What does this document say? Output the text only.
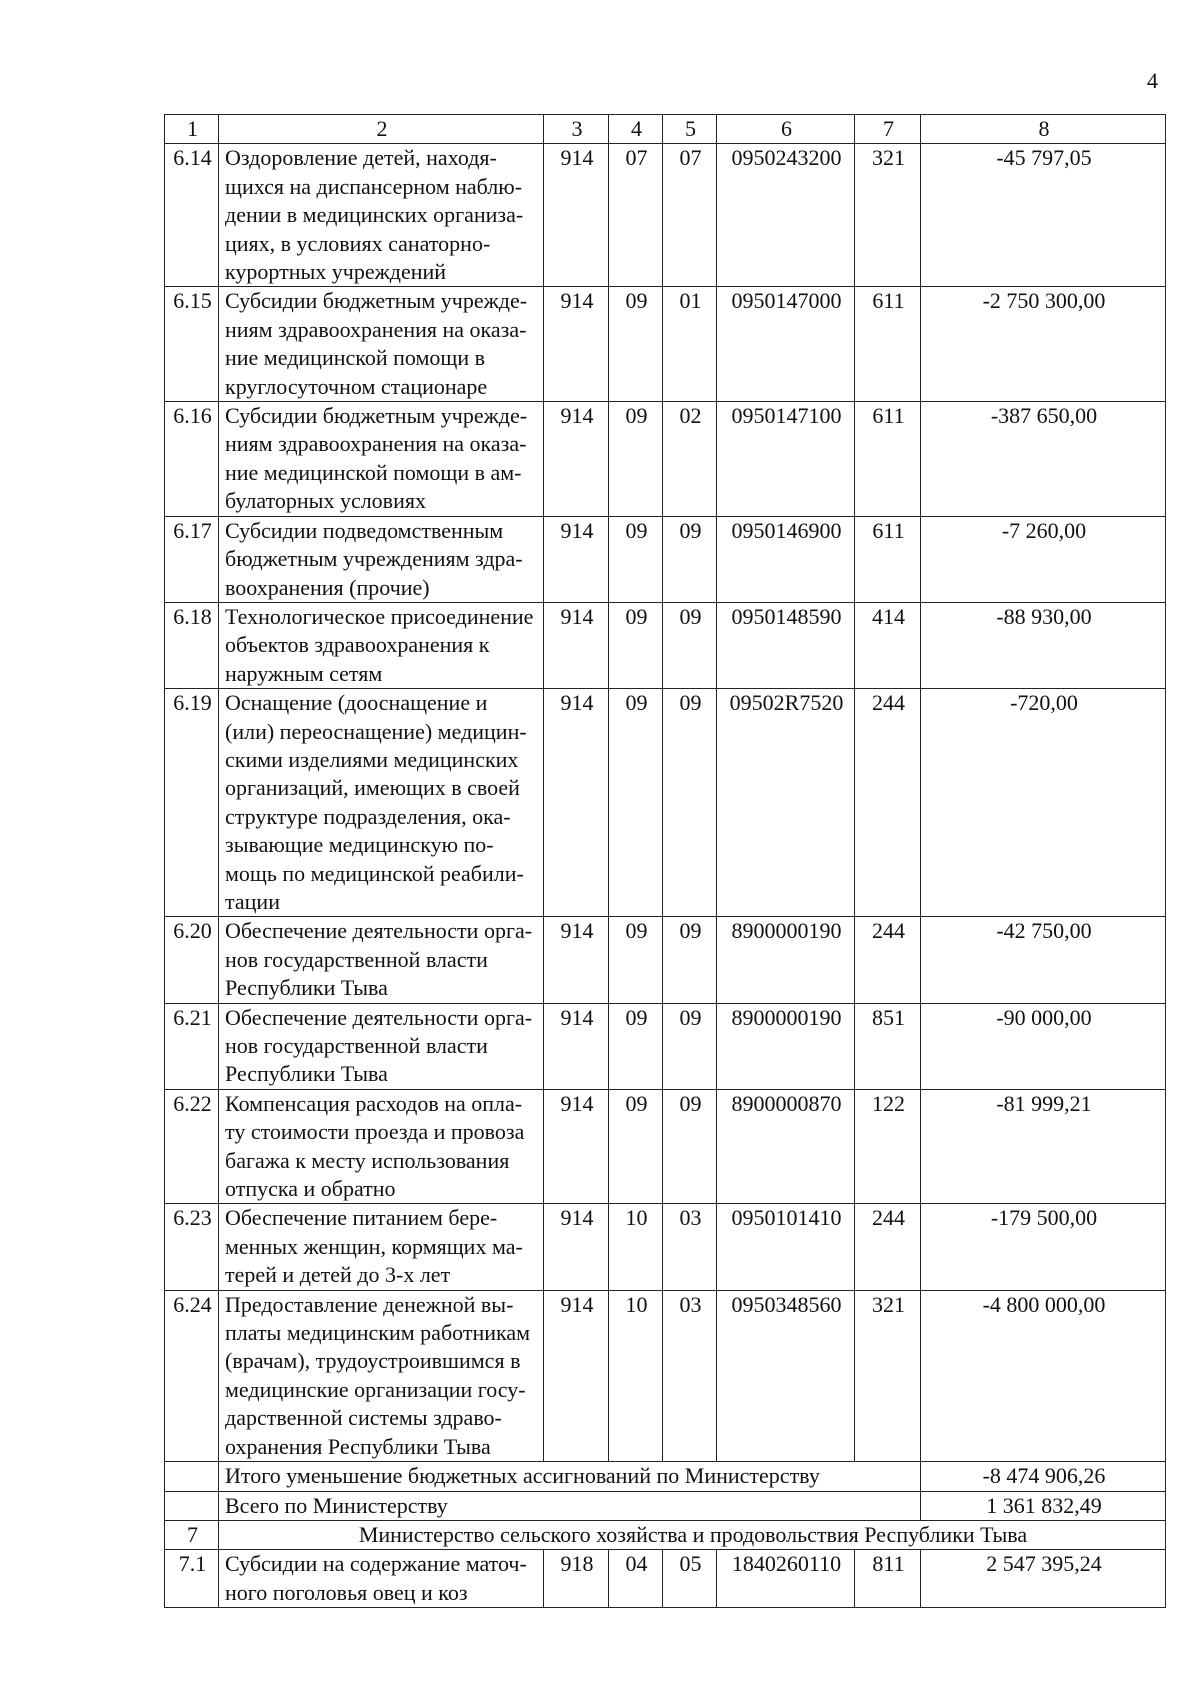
4
1	2	3	4	5	6	7	8
6.14	Оздоровление детей, находя-щихся на диспансерном наблю-дении в медицинских организа-циях, в условиях санаторно-курортных учреждений	914	07	07	0950243200	321	-45 797,05
6.15	Субсидии бюджетным учрежде-ниям здравоохранения на оказа-ние медицинской помощи в круглосуточном стационаре	914	09	01	0950147000	611	-2 750 300,00
6.16	Субсидии бюджетным учрежде-ниям здравоохранения на оказа-ние медицинской помощи в ам-булаторных условиях	914	09	02	0950147100	611	-387 650,00
6.17	Субсидии подведомственным бюджетным учреждениям здра-воохранения (прочие)	914	09	09	0950146900	611	-7 260,00
6.18	Технологическое присоединение объектов здравоохранения к наружным сетям	914	09	09	0950148590	414	-88 930,00
6.19	Оснащение (дооснащение и (или) переоснащение) медицин-скими изделиями медицинских организаций, имеющих в своей структуре подразделения, ока-зывающие медицинскую по-мощь по медицинской реабили-тации	914	09	09	09502R7520	244	-720,00
6.20	Обеспечение деятельности орга-нов государственной власти Республики Тыва	914	09	09	8900000190	244	-42 750,00
6.21	Обеспечение деятельности орга-нов государственной власти Республики Тыва	914	09	09	8900000190	851	-90 000,00
6.22	Компенсация расходов на опла-ту стоимости проезда и провоза багажа к месту использования отпуска и обратно	914	09	09	8900000870	122	-81 999,21
6.23	Обеспечение питанием бере-менных женщин, кормящих ма-терей и детей до 3-х лет	914	10	03	0950101410	244	-179 500,00
6.24	Предоставление денежной вы-платы медицинским работникам (врачам), трудоустроившимся в медицинские организации госу-дарственной системы здраво-охранения Республики Тыва	914	10	03	0950348560	321	-4 800 000,00
	Итого уменьшение бюджетных ассигнований по Министерству						-8 474 906,26
	Всего по Министерству						1 361 832,49
7	Министерство сельского хозяйства и продовольствия Республики Тыва						
7.1	Субсидии на содержание маточ-ного поголовья овец и коз	918	04	05	1840260110	811	2 547 395,24
